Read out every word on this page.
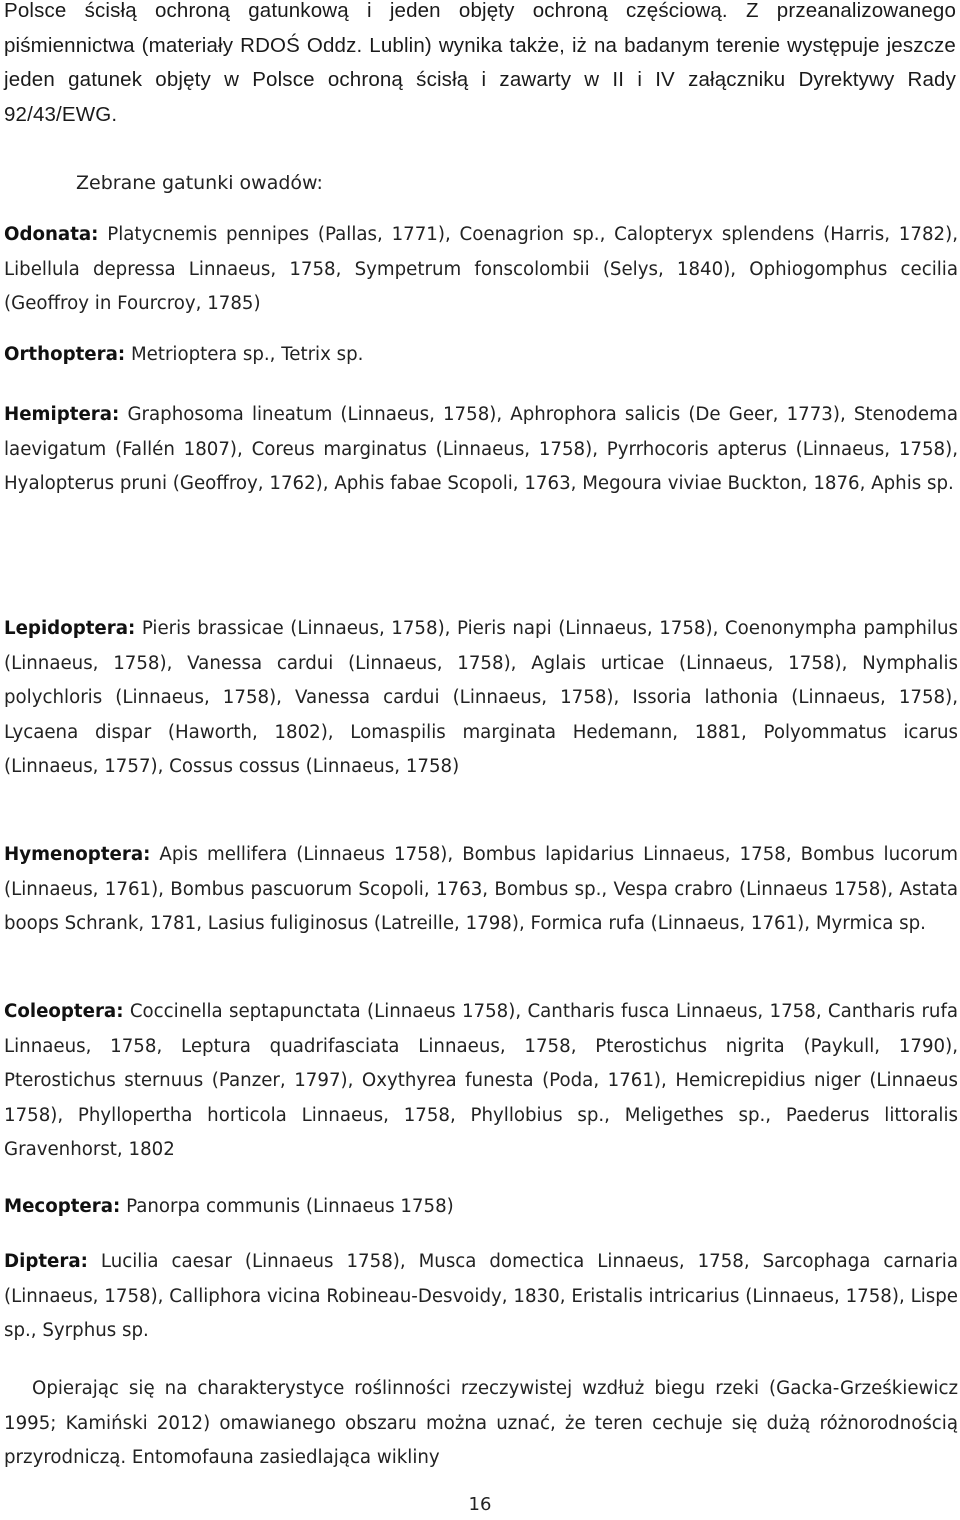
Polsce ścisłą ochroną gatunkową i jeden objęty ochroną częściową. Z przeanalizowanego piśmiennictwa (materiały RDOŚ Oddz. Lublin) wynika także, iż na badanym terenie występuje jeszcze jeden gatunek objęty w Polsce ochroną ścisłą i zawarty w II i IV załączniku Dyrektywy Rady 92/43/EWG.

Zebrane gatunki owadów:

Odonata: Platycnemis pennipes (Pallas, 1771), Coenagrion sp., Calopteryx splendens (Harris, 1782), Libellula depressa Linnaeus, 1758, Sympetrum fonscolombii (Selys, 1840), Ophiogomphus cecilia (Geoffroy in Fourcroy, 1785)

Orthoptera: Metrioptera sp., Tetrix sp.

Hemiptera: Graphosoma lineatum (Linnaeus, 1758), Aphrophora salicis (De Geer, 1773), Stenodema laevigatum (Fallén 1807), Coreus marginatus (Linnaeus, 1758), Pyrrhocoris apterus (Linnaeus, 1758), Hyalopterus pruni (Geoffroy, 1762), Aphis fabae Scopoli, 1763, Megoura viviae Buckton, 1876, Aphis sp.

Lepidoptera: Pieris brassicae (Linnaeus, 1758), Pieris napi (Linnaeus, 1758), Coenonympha pamphilus (Linnaeus, 1758), Vanessa cardui (Linnaeus, 1758), Aglais urticae (Linnaeus, 1758), Nymphalis polychloris (Linnaeus, 1758), Vanessa cardui (Linnaeus, 1758), Issoria lathonia (Linnaeus, 1758), Lycaena dispar (Haworth, 1802), Lomaspilis marginata Hedemann, 1881, Polyommatus icarus (Linnaeus, 1757), Cossus cossus (Linnaeus, 1758)

Hymenoptera: Apis mellifera (Linnaeus 1758), Bombus lapidarius Linnaeus, 1758, Bombus lucorum (Linnaeus, 1761), Bombus pascuorum Scopoli, 1763, Bombus sp., Vespa crabro (Linnaeus 1758), Astata boops Schrank, 1781, Lasius fuliginosus (Latreille, 1798), Formica rufa (Linnaeus, 1761), Myrmica sp.

Coleoptera: Coccinella septapunctata (Linnaeus 1758), Cantharis fusca Linnaeus, 1758, Cantharis rufa Linnaeus, 1758, Leptura quadrifasciata Linnaeus, 1758, Pterostichus nigrita (Paykull, 1790), Pterostichus sternuus (Panzer, 1797), Oxythyrea funesta (Poda, 1761), Hemicrepidius niger (Linnaeus 1758), Phyllopertha horticola Linnaeus, 1758, Phyllobius sp., Meligethes sp., Paederus littoralis Gravenhorst, 1802

Mecoptera: Panorpa communis (Linnaeus 1758)

Diptera: Lucilia caesar (Linnaeus 1758), Musca domectica Linnaeus, 1758, Sarcophaga carnaria (Linnaeus, 1758), Calliphora vicina Robineau-Desvoidy, 1830, Eristalis intricarius (Linnaeus, 1758), Lispe sp., Syrphus sp.

Opierając się na charakterystyce roślinności rzeczywistej wzdłuż biegu rzeki (Gacka-Grześkiewicz 1995; Kamiński 2012) omawianego obszaru można uznać, że teren cechuje się dużą różnorodnością przyrodniczą. Entomofauna zasiedlająca wikliny

16
